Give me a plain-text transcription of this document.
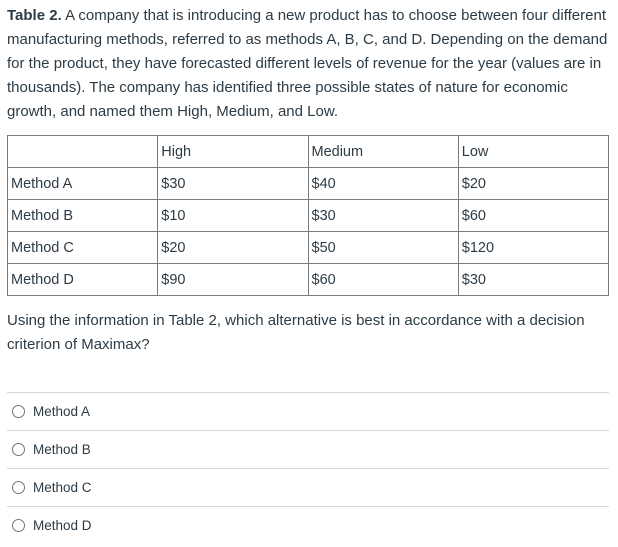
Table 2. A company that is introducing a new product has to choose between four different manufacturing methods, referred to as methods A, B, C, and D. Depending on the demand for the product, they have forecasted different levels of revenue for the year (values are in thousands). The company has identified three possible states of nature for economic growth, and named them High, Medium, and Low.

	High	Medium	Low
Method A	$30	$40	$20
Method B	$10	$30	$60
Method C	$20	$50	$120
Method D	$90	$60	$30

Using the information in Table 2, which alternative is best in accordance with a decision criterion of Maximax?

Method A
Method B
Method C
Method D
